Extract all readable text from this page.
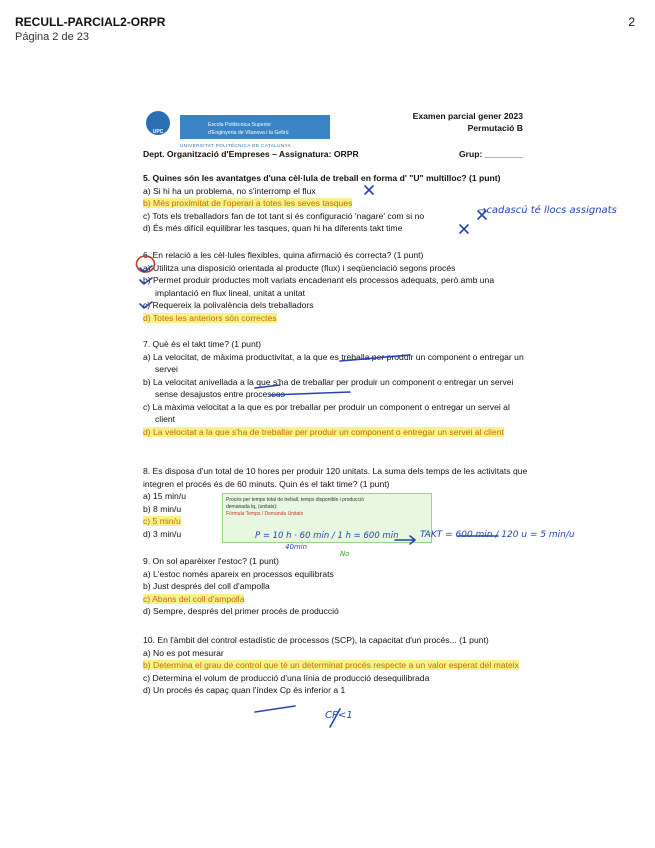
RECULL-PARCIAL2-ORPR
Página 2 de 23
2
UPC
Escola Politècnica Superior
d'Enginyeria de Vilanova i la Geltrú
UNIVERSITAT POLITÈCNICA DE CATALUNYA
Examen parcial gener 2023
Permutació B
Dept. Organització d'Empreses – Assignatura: ORPR	Grup: ________

5. Quines són les avantatges d'una cèl·lula de treball en forma d' "U" multilloc? (1 punt)

a) Si hi ha un problema, no s'interromp el flux

b) Més proximitat de l'operari a totes les seves tasques

c) Tots els treballadors fan de tot tant si és configuració 'nagare' com si no

d) És més difícil equilibrar les tasques, quan hi ha diferents takt time

6. En relació a les cèl·lules flexibles, quina afirmació és correcta? (1 punt)

a) Utilitza una disposició orientada al producte (flux) i seqüenciació segons procés

b) Permet produir productes molt variats encadenant els processos adequats, però amb una implantació en flux lineal, unitat a unitat

c) Requereix la polivalència dels treballadors

d) Totes les anteriors són correctes

7. Què és el takt time? (1 punt)

a) La velocitat, de màxima productivitat, a la que es treballa per produir un component o entregar un servei

b) La velocitat anivellada a la que s'ha de treballar per produir un component o entregar un servei sense desajustos entre processos

c) La màxima velocitat a la que es por treballar per produir un component o entregar un servei al client

d) La velocitat a la que s'ha de treballar per produir un component o entregar un servei al client

8. Es disposa d'un total de 10 hores per produir 120 unitats. La suma dels temps de les activitats que integren el procés és de 60 minuts. Quin és el takt time? (1 punt)

a) 15 min/u

b) 8 min/u

c) 5 min/u

d) 3 min/u

9. On sol aparèixer l'estoc? (1 punt)

a) L'estoc només apareix en processos equilibrats

b) Just després del coll d'ampolla

c) Abans del coll d'ampolla

d) Sempre, després del primer procés de producció

10. En l'àmbit del control estadístic de processos (SCP), la capacitat d'un procés... (1 punt)

a) No es pot mesurar

b) Determina el grau de control que té un determinat procés respecte a un valor esperat del mateix

c) Determina el volum de producció d'una línia de producció desequilibrada

d) Un procés és capaç quan l'índex Cp és inferior a 1

Procés per temps total de treball, temps disponible i producció
demanada tq, (unitats):
Fórmula Temps / Demanda Unitats
→cadascú té llocs assignats
P = 10 h · 60 min / 1 h = 600 min
40min
No
TAKT = 600 min / 120 u = 5 min/u
CP<1
